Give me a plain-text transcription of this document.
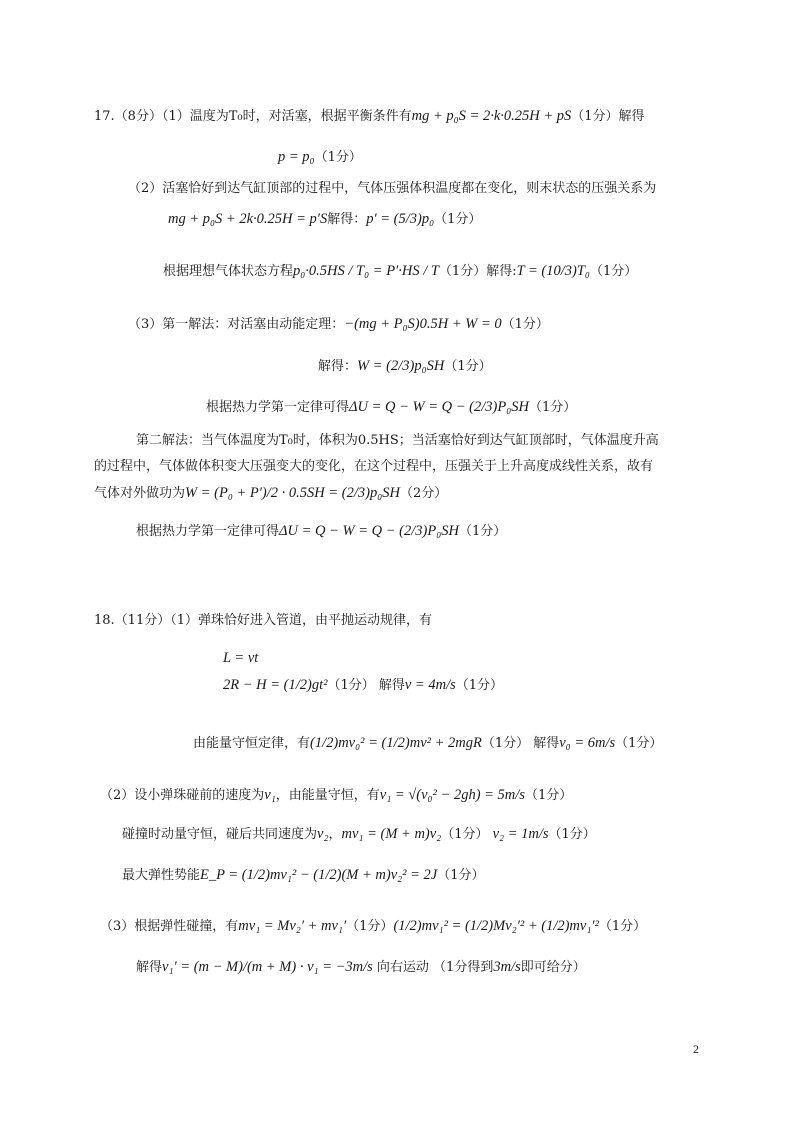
17.（8分）（1）温度为T₀时，对活塞，根据平衡条件有mg + p₀S = 2·k·0.25H + pS（1分）解得
p = p₀（1分）
（2）活塞恰好到达气缸顶部的过程中，气体压强体积温度都在变化，则末状态的压强关系为
mg + p₀S + 2k·0.25H = p′S解得：p′ = (5/3)p₀（1分）
根据理想气体状态方程p₀·0.5HS / T₀ = P′·HS / T（1分）解得:T = (10/3)T₀（1分）
（3）第一解法：对活塞由动能定理：−(mg + P₀S)0.5H + W = 0（1分）
解得：W = (2/3)p₀SH（1分）
根据热力学第一定律可得ΔU = Q − W = Q − (2/3)P₀SH（1分）
第二解法：当气体温度为T₀时，体积为0.5HS；当活塞恰好到达气缸顶部时，气体温度升高
的过程中，气体做体积变大压强变大的变化，在这个过程中，压强关于上升高度成线性关系，故有
气体对外做功为W = (P₀ + P′)/2 · 0.5SH = (2/3)p₀SH（2分）
根据热力学第一定律可得ΔU = Q − W = Q − (2/3)P₀SH（1分）
18.（11分）（1）弹珠恰好进入管道，由平抛运动规律，有
L = vt
2R − H = (1/2)gt²（1分） 解得v = 4m/s（1分）
由能量守恒定律，有(1/2)mv₀² = (1/2)mv² + 2mgR（1分） 解得v₀ = 6m/s（1分）
（2）设小弹珠碰前的速度为v₁，由能量守恒，有v₁ = √(v₀² − 2gh) = 5m/s（1分）
碰撞时动量守恒，碰后共同速度为v₂，mv₁ = (M + m)v₂（1分） v₂ = 1m/s（1分）
最大弹性势能E_P = (1/2)mv₁² − (1/2)(M + m)v₂² = 2J（1分）
（3）根据弹性碰撞，有mv₁ = Mv₂′ + mv₁′（1分）(1/2)mv₁² = (1/2)Mv₂′² + (1/2)mv₁′²（1分）
解得v₁′ = (m − M)/(m + M) · v₁ = −3m/s 向右运动 （1分得到3m/s即可给分）
2
